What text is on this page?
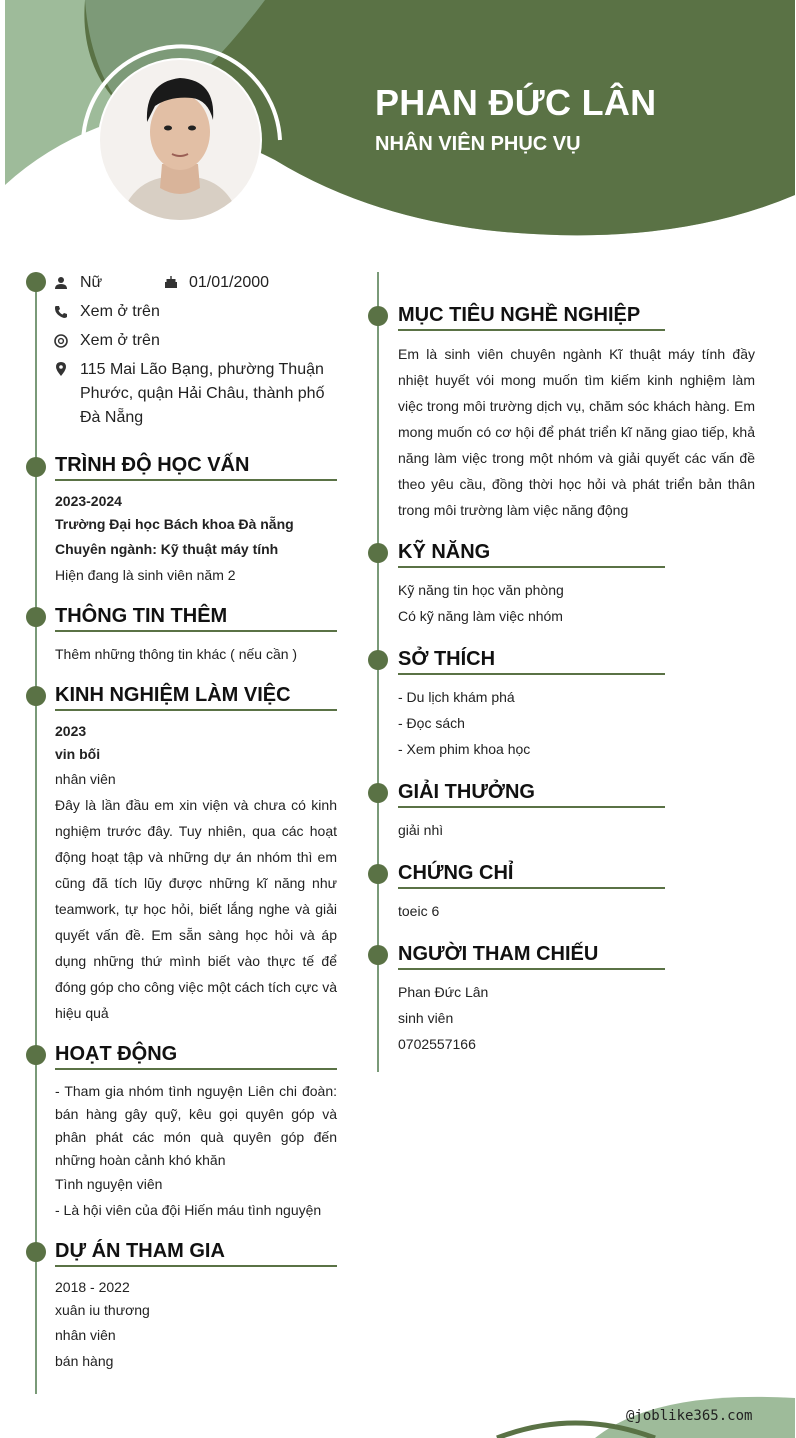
PHAN ĐỨC LÂN
NHÂN VIÊN PHỤC VỤ
Nữ	01/01/2000
Xem ở trên
Xem ở trên
115 Mai Lão Bạng, phường Thuận Phước, quận Hải Châu, thành phố Đà Nẵng
TRÌNH ĐỘ HỌC VẤN
2023-2024
Trường Đại học Bách khoa Đà nẵng
Chuyên ngành: Kỹ thuật máy tính
Hiện đang là sinh viên năm 2
THÔNG TIN THÊM
Thêm những thông tin khác ( nếu cần )
KINH NGHIỆM LÀM VIỆC
2023
vin bối
nhân viên
Đây là lần đầu em xin viện và chưa có kinh nghiệm trước đây. Tuy nhiên, qua các hoạt động hoạt tập và những dự án nhóm thì em cũng đã tích lũy được những kĩ năng như teamwork, tự học hỏi, biết lắng nghe và giải quyết vấn đề. Em sẵn sàng học hỏi và áp dụng những thứ mình biết vào thực tế để đóng góp cho công việc một cách tích cực và hiệu quả
HOẠT ĐỘNG
- Tham gia nhóm tình nguyện Liên chi đoàn: bán hàng gây quỹ, kêu gọi quyên góp và phân phát các món quà quyên góp đến những hoàn cảnh khó khăn
Tình nguyện viên
- Là hội viên của đội Hiến máu tình nguyện
DỰ ÁN THAM GIA
2018 - 2022
xuân iu thương
nhân viên
bán hàng
MỤC TIÊU NGHỀ NGHIỆP
Em là sinh viên chuyên ngành Kĩ thuật máy tính đầy nhiệt huyết vói mong muốn tìm kiếm kinh nghiệm làm việc trong môi trường dịch vụ, chăm sóc khách hàng. Em mong muốn có cơ hội để phát triển kĩ năng giao tiếp, khả năng làm việc trong một nhóm và giải quyết các vấn đề theo yêu cầu, đồng thời học hỏi và phát triển bản thân trong môi trường làm việc năng động
KỸ NĂNG
Kỹ năng tin học văn phòng
Có kỹ năng làm việc nhóm
SỞ THÍCH
- Du lịch khám phá
- Đọc sách
- Xem phim khoa học
GIẢI THƯỞNG
giải nhì
CHỨNG CHỈ
toeic 6
NGƯỜI THAM CHIẾU
Phan Đức Lân
sinh viên
0702557166
@joblike365.com
